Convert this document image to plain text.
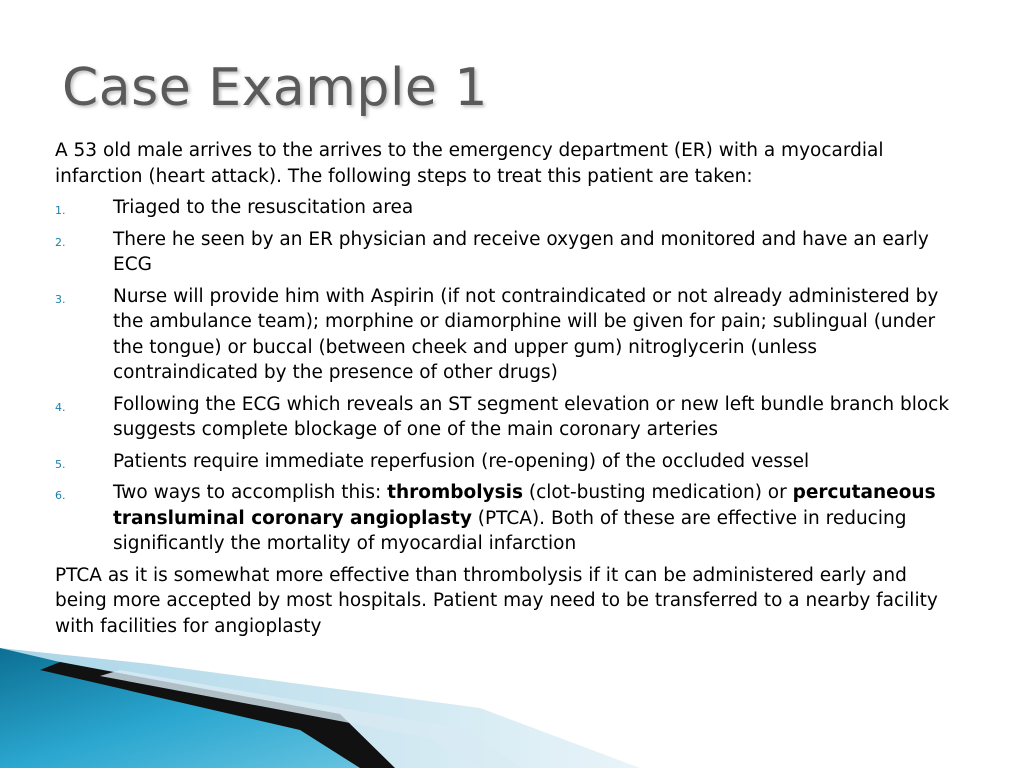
Case Example 1

A 53 old male arrives to the arrives to the emergency department (ER) with a myocardial infarction (heart attack). The following steps to treat this patient are taken:

1.	Triaged to the resuscitation area
2.	There he seen by an ER physician and receive oxygen and monitored and have an early ECG
3.	Nurse will provide him with Aspirin (if not contraindicated or not already administered by the ambulance team); morphine or diamorphine will be given for pain; sublingual (under the tongue) or buccal (between cheek and upper gum) nitroglycerin (unless contraindicated by the presence of other drugs)
4.	Following the ECG which reveals an ST segment elevation or new left bundle branch block suggests complete blockage of one of the main coronary arteries
5.	Patients require immediate reperfusion (re-opening) of the occluded vessel
6.	Two ways to accomplish this: thrombolysis (clot-busting medication) or percutaneous transluminal coronary angioplasty (PTCA). Both of these are effective in reducing significantly the mortality of myocardial infarction

PTCA as it is somewhat more effective than thrombolysis if it can be administered early and being more accepted by most hospitals. Patient may need to be transferred to a nearby facility with facilities for angioplasty
